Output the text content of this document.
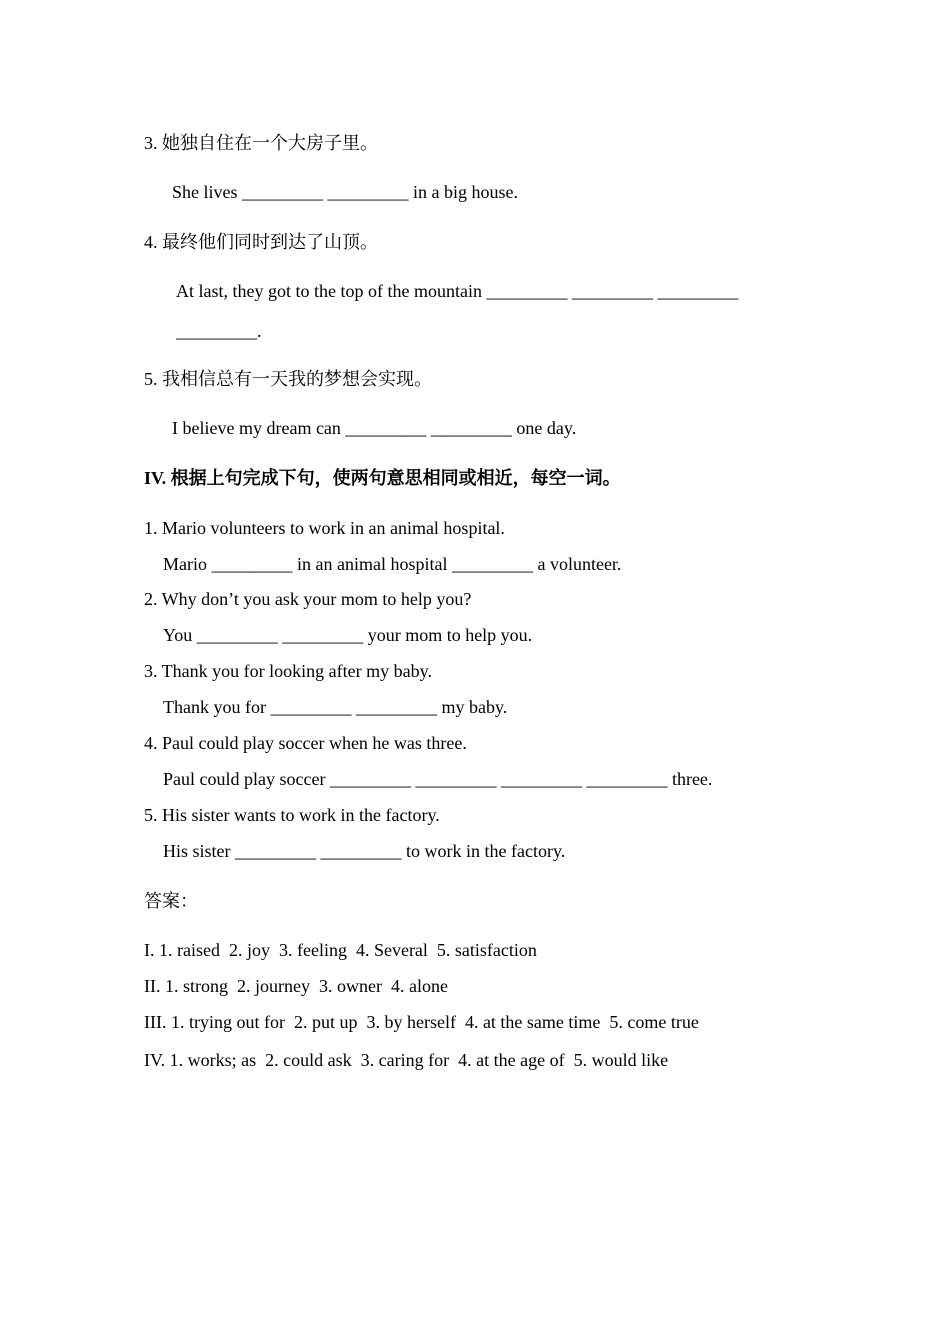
3. 她独自住在一个大房子里。
She lives _________ _________ in a big house.
4. 最终他们同时到达了山顶。
At last, they got to the top of the mountain _________ _________ _________
_________.
5. 我相信总有一天我的梦想会实现。
I believe my dream can _________ _________ one day.
IV. 根据上句完成下句，使两句意思相同或相近，每空一词。
1. Mario volunteers to work in an animal hospital.
Mario _________ in an animal hospital _________ a volunteer.
2. Why don’t you ask your mom to help you?
You _________ _________ your mom to help you.
3. Thank you for looking after my baby.
Thank you for _________ _________ my baby.
4. Paul could play soccer when he was three.
Paul could play soccer _________ _________ _________ _________ three.
5. His sister wants to work in the factory.
His sister _________ _________ to work in the factory.
答案：
I. 1. raised  2. joy  3. feeling  4. Several  5. satisfaction
II. 1. strong  2. journey  3. owner  4. alone
III. 1. trying out for  2. put up  3. by herself  4. at the same time  5. come true
IV. 1. works; as  2. could ask  3. caring for  4. at the age of  5. would like
